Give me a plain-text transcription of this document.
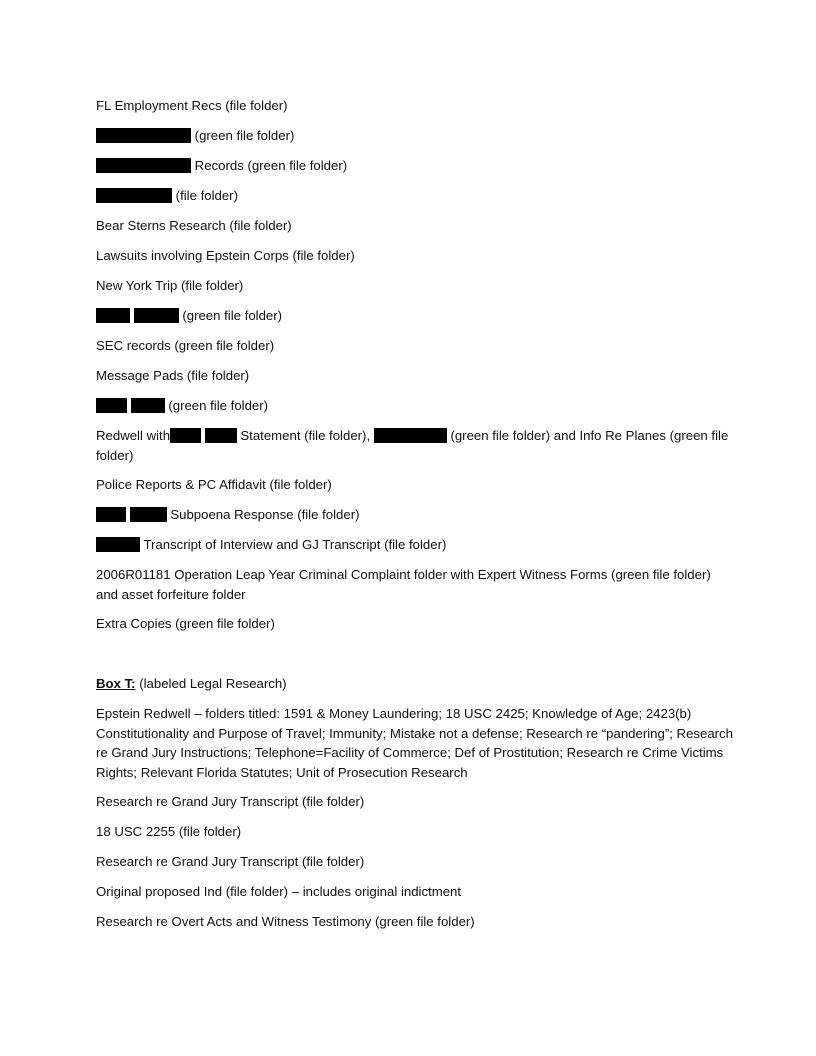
FL Employment Recs (file folder)

(green file folder)

Records (green file folder)

(file folder)

Bear Sterns Research (file folder)

Lawsuits involving Epstein Corps (file folder)

New York Trip (file folder)

(green file folder)

SEC records (green file folder)

Message Pads (file folder)

(green file folder)

Redwell with	Statement (file folder),	(green file folder) and Info Re Planes (green file folder)

Police Reports & PC Affidavit (file folder)

Subpoena Response (file folder)

Transcript of Interview and GJ Transcript (file folder)

2006R01181 Operation Leap Year Criminal Complaint folder with Expert Witness Forms (green file folder) and asset forfeiture folder

Extra Copies (green file folder)

Box T: (labeled Legal Research)

Epstein Redwell – folders titled: 1591 & Money Laundering; 18 USC 2425; Knowledge of Age; 2423(b) Constitutionality and Purpose of Travel; Immunity; Mistake not a defense; Research re “pandering”; Research re Grand Jury Instructions; Telephone=Facility of Commerce; Def of Prostitution; Research re Crime Victims Rights; Relevant Florida Statutes; Unit of Prosecution Research

Research re Grand Jury Transcript (file folder)

18 USC 2255 (file folder)

Research re Grand Jury Transcript (file folder)

Original proposed Ind (file folder) – includes original indictment

Research re Overt Acts and Witness Testimony (green file folder)
